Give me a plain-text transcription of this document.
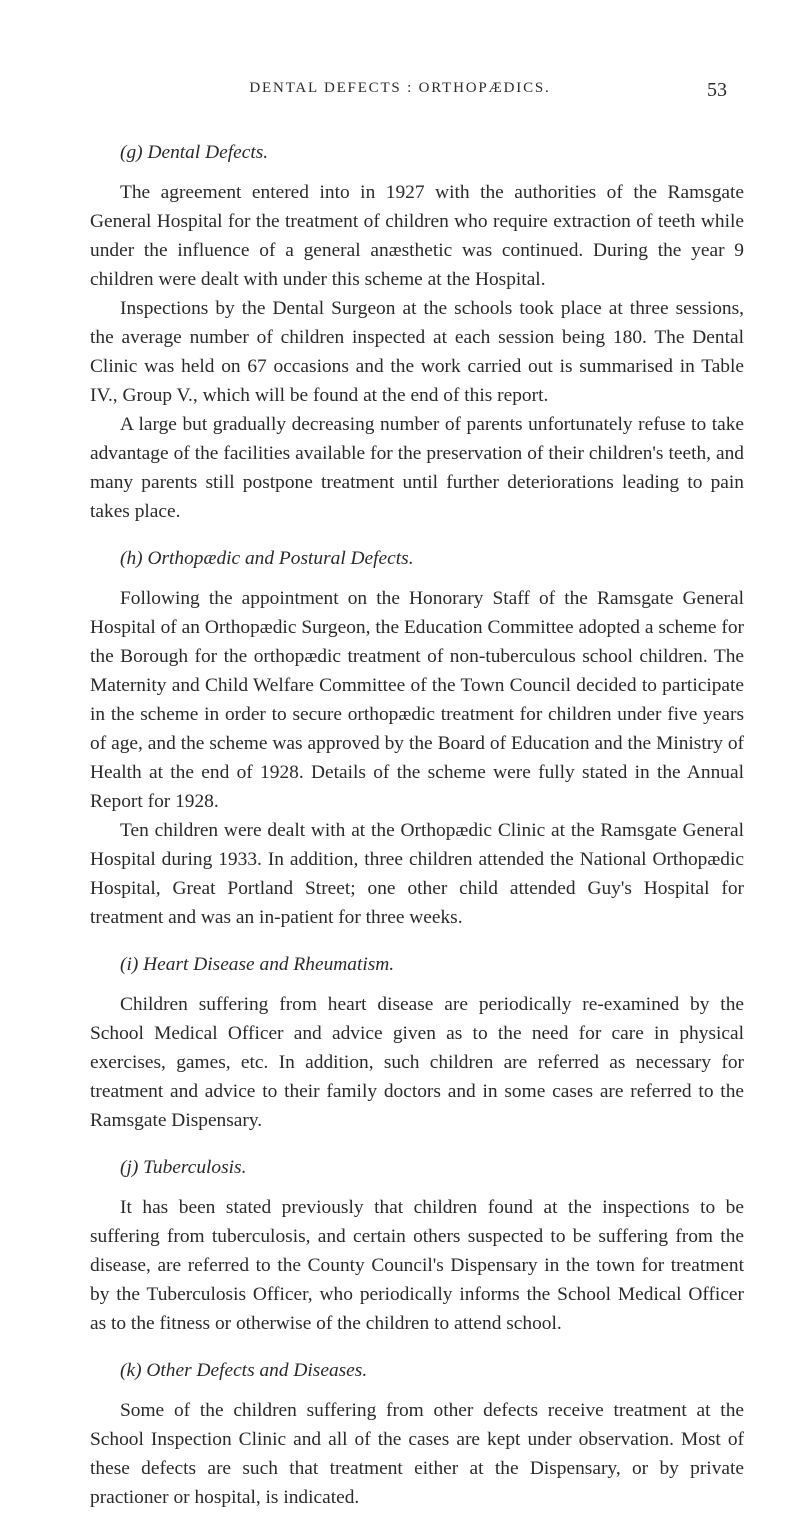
DENTAL DEFECTS : ORTHOPÆDICS.	53
(g) Dental Defects.

The agreement entered into in 1927 with the authorities of the Ramsgate General Hospital for the treatment of children who require extraction of teeth while under the influence of a general anæsthetic was continued. During the year 9 children were dealt with under this scheme at the Hospital.

Inspections by the Dental Surgeon at the schools took place at three sessions, the average number of children inspected at each session being 180. The Dental Clinic was held on 67 occasions and the work carried out is summarised in Table IV., Group V., which will be found at the end of this report.

A large but gradually decreasing number of parents unfortunately refuse to take advantage of the facilities available for the preservation of their children's teeth, and many parents still postpone treatment until further deteriorations leading to pain takes place.

(h) Orthopædic and Postural Defects.

Following the appointment on the Honorary Staff of the Ramsgate General Hospital of an Orthopædic Surgeon, the Education Committee adopted a scheme for the Borough for the orthopædic treatment of non-tuberculous school children. The Maternity and Child Welfare Committee of the Town Council decided to participate in the scheme in order to secure orthopædic treatment for children under five years of age, and the scheme was approved by the Board of Education and the Ministry of Health at the end of 1928. Details of the scheme were fully stated in the Annual Report for 1928.

Ten children were dealt with at the Orthopædic Clinic at the Ramsgate General Hospital during 1933. In addition, three children attended the National Orthopædic Hospital, Great Portland Street; one other child attended Guy's Hospital for treatment and was an in-patient for three weeks.

(i) Heart Disease and Rheumatism.

Children suffering from heart disease are periodically re-examined by the School Medical Officer and advice given as to the need for care in physical exercises, games, etc. In addition, such children are referred as necessary for treatment and advice to their family doctors and in some cases are referred to the Ramsgate Dispensary.

(j) Tuberculosis.

It has been stated previously that children found at the inspections to be suffering from tuberculosis, and certain others suspected to be suffering from the disease, are referred to the County Council's Dispensary in the town for treatment by the Tuberculosis Officer, who periodically informs the School Medical Officer as to the fitness or otherwise of the children to attend school.

(k) Other Defects and Diseases.

Some of the children suffering from other defects receive treatment at the School Inspection Clinic and all of the cases are kept under observation. Most of these defects are such that treatment either at the Dispensary, or by private practioner or hospital, is indicated.
